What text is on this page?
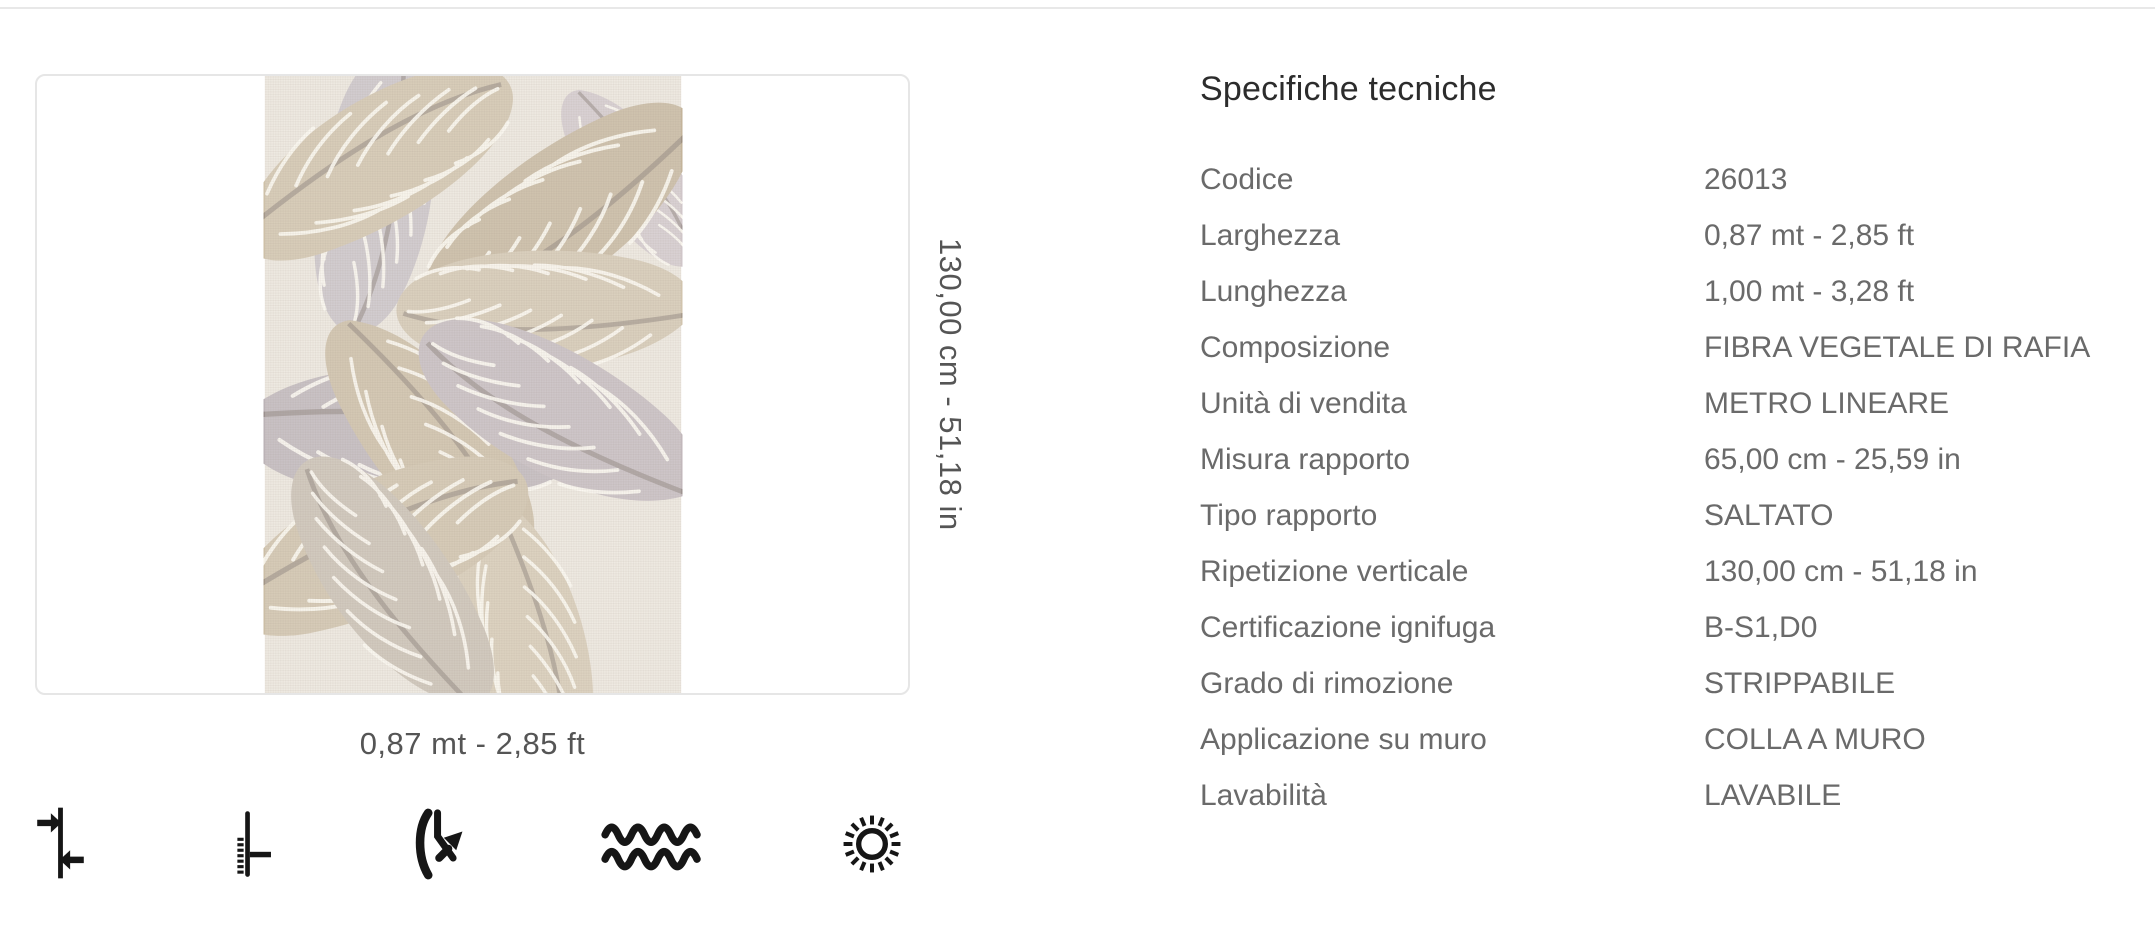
130,00 cm - 51,18 in
0,87 mt - 2,85 ft
Specifiche tecniche
Codice	26013
Larghezza	0,87 mt - 2,85 ft
Lunghezza	1,00 mt - 3,28 ft
Composizione	FIBRA VEGETALE DI RAFIA
Unità di vendita	METRO LINEARE
Misura rapporto	65,00 cm - 25,59 in
Tipo rapporto	SALTATO
Ripetizione verticale	130,00 cm - 51,18 in
Certificazione ignifuga	B-S1,D0
Grado di rimozione	STRIPPABILE
Applicazione su muro	COLLA A MURO
Lavabilità	LAVABILE
